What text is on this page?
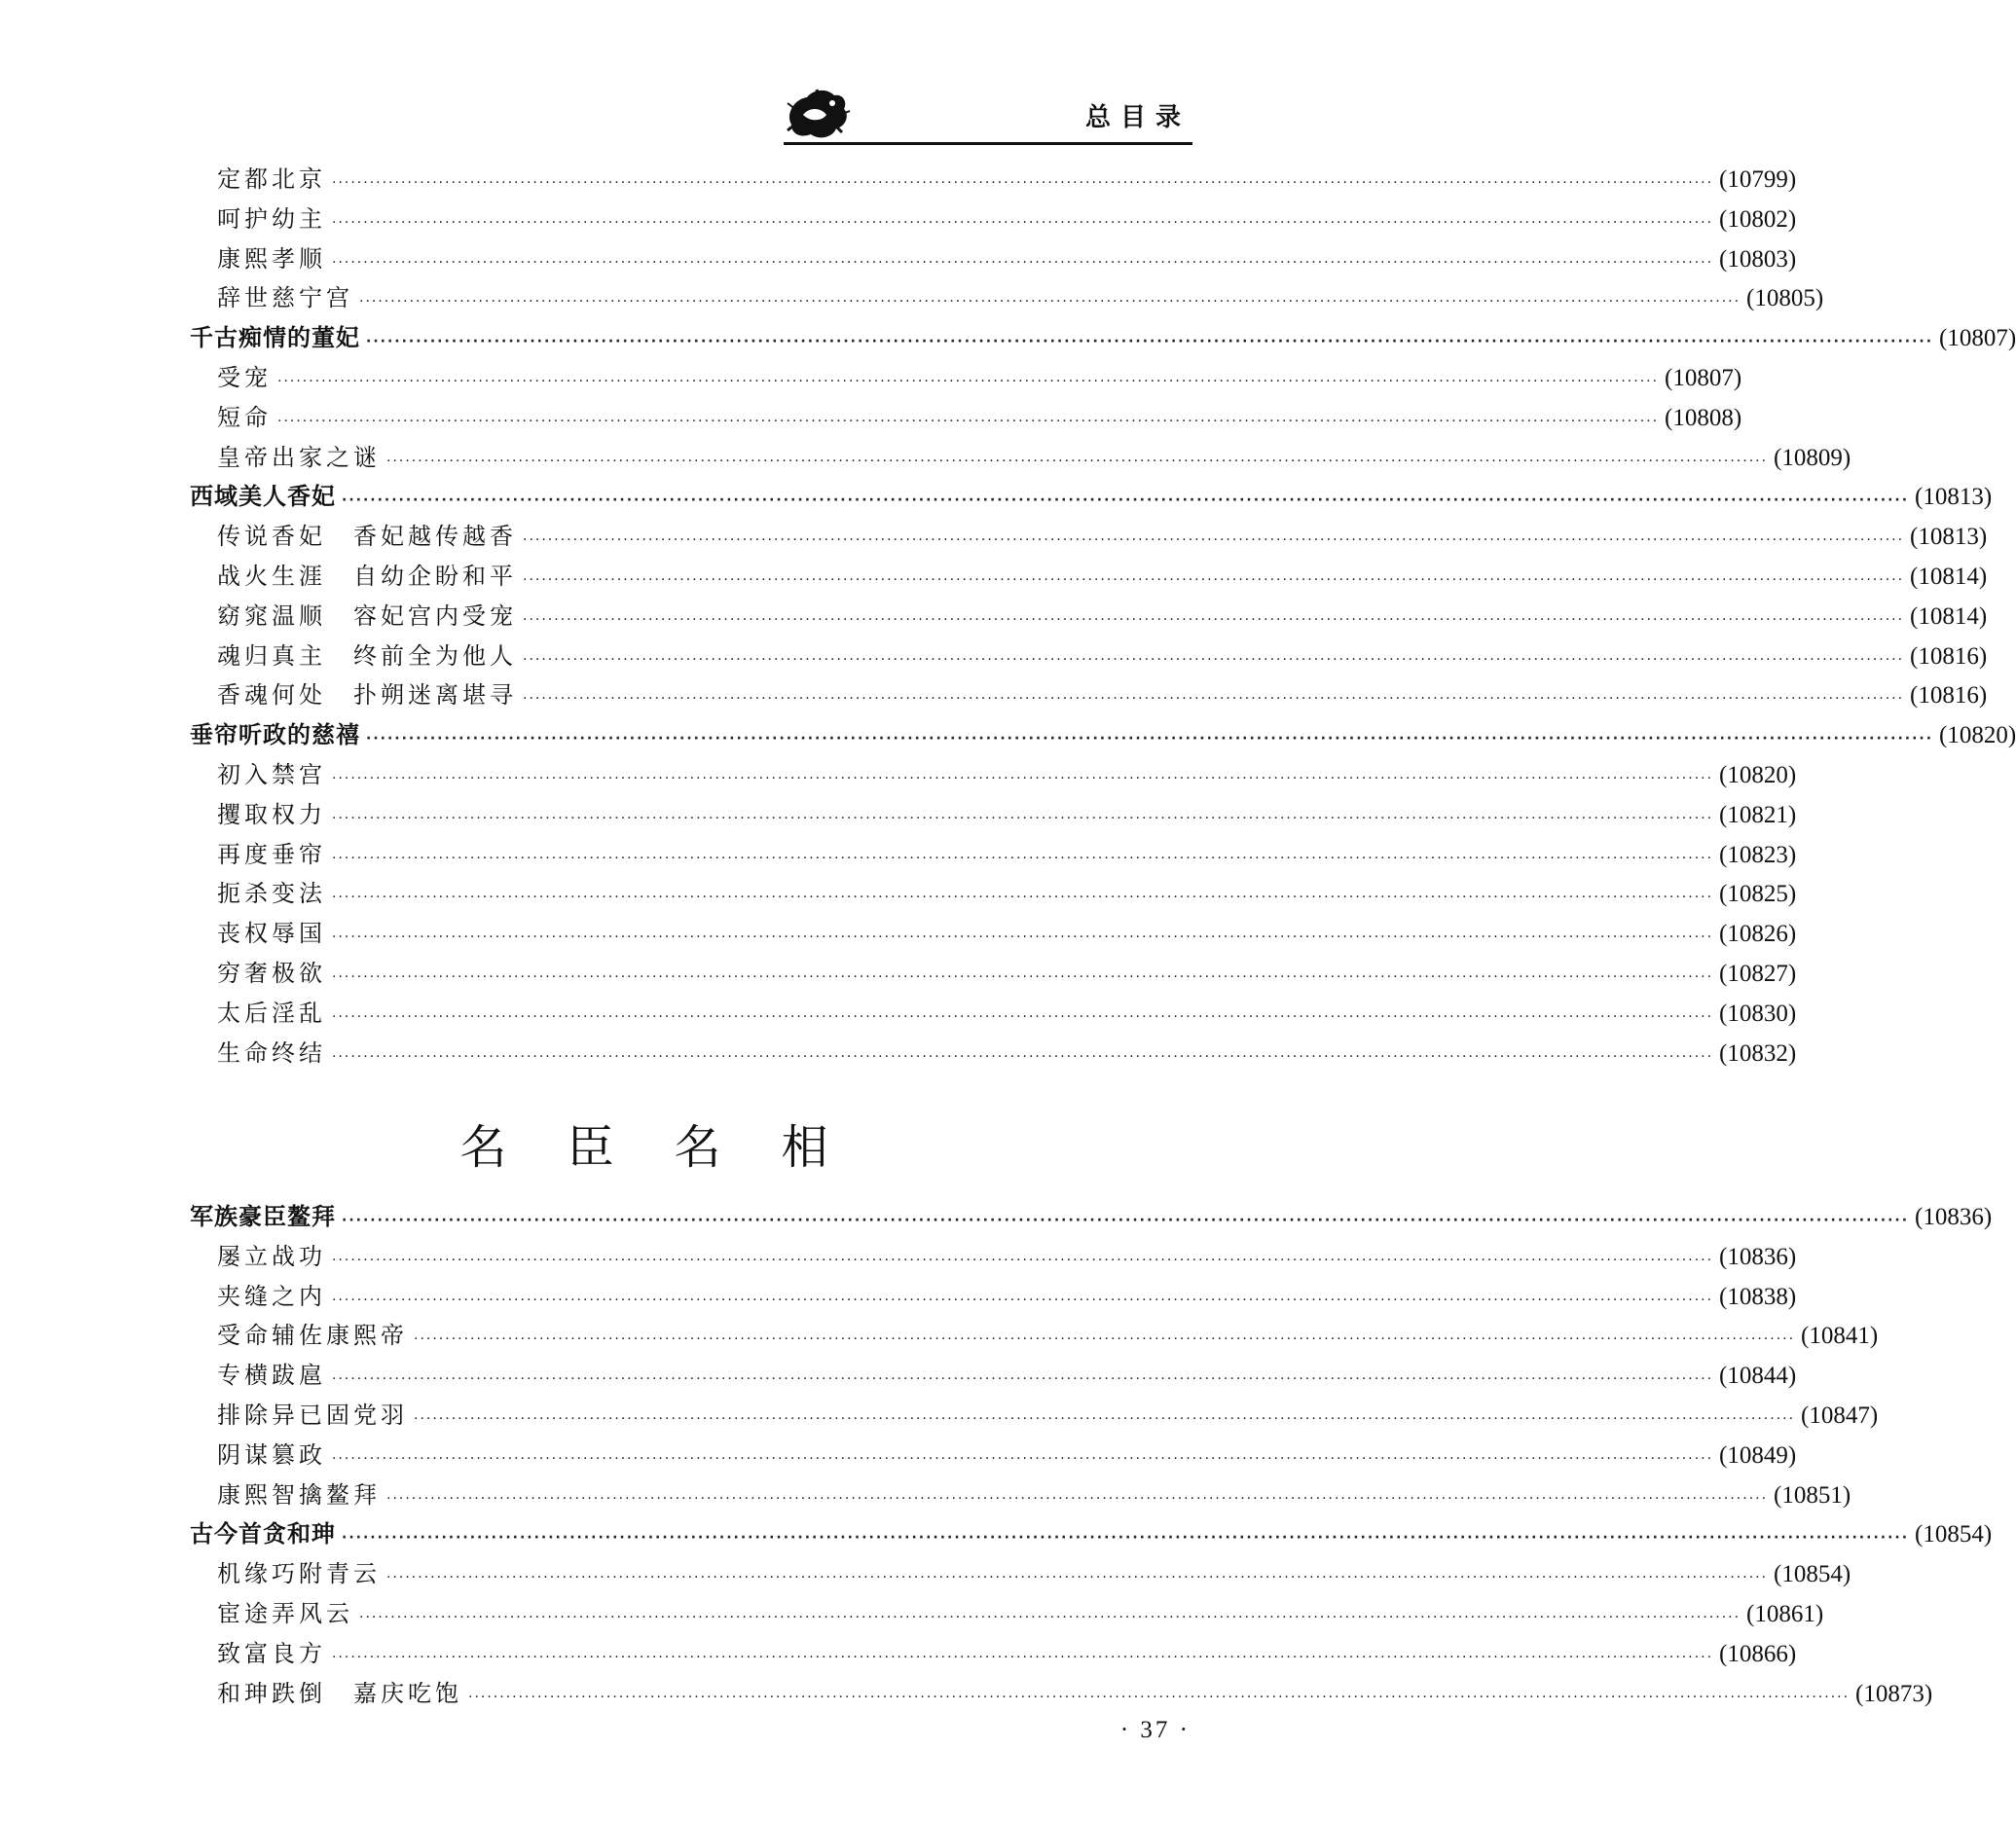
总目录
定都北京 ···························································································································································································································· (10799)
呵护幼主 ···························································································································································································································· (10802)
康熙孝顺 ···························································································································································································································· (10803)
辞世慈宁宫 ···························································································································································································································· (10805)
千古痴情的董妃 ···························································································································································································································· (10807)
受宠 ···························································································································································································································· (10807)
短命 ···························································································································································································································· (10808)
皇帝出家之谜 ···························································································································································································································· (10809)
西域美人香妃 ···························································································································································································································· (10813)
传说香妃　香妃越传越香 ···························································································································································································································· (10813)
战火生涯　自幼企盼和平 ···························································································································································································································· (10814)
窈窕温顺　容妃宫内受宠 ···························································································································································································································· (10814)
魂归真主　终前全为他人 ···························································································································································································································· (10816)
香魂何处　扑朔迷离堪寻 ···························································································································································································································· (10816)
垂帘听政的慈禧 ···························································································································································································································· (10820)
初入禁宫 ···························································································································································································································· (10820)
攫取权力 ···························································································································································································································· (10821)
再度垂帘 ···························································································································································································································· (10823)
扼杀变法 ···························································································································································································································· (10825)
丧权辱国 ···························································································································································································································· (10826)
穷奢极欲 ···························································································································································································································· (10827)
太后淫乱 ···························································································································································································································· (10830)
生命终结 ···························································································································································································································· (10832)
名臣名相
军族豪臣鳌拜 ···························································································································································································································· (10836)
屡立战功 ···························································································································································································································· (10836)
夹缝之内 ···························································································································································································································· (10838)
受命辅佐康熙帝 ···························································································································································································································· (10841)
专横跋扈 ···························································································································································································································· (10844)
排除异已固党羽 ···························································································································································································································· (10847)
阴谋篡政 ···························································································································································································································· (10849)
康熙智擒鳌拜 ···························································································································································································································· (10851)
古今首贪和珅 ···························································································································································································································· (10854)
机缘巧附青云 ···························································································································································································································· (10854)
宦途弄风云 ···························································································································································································································· (10861)
致富良方 ···························································································································································································································· (10866)
和珅跌倒　嘉庆吃饱 ···························································································································································································································· (10873)
· 37 ·
